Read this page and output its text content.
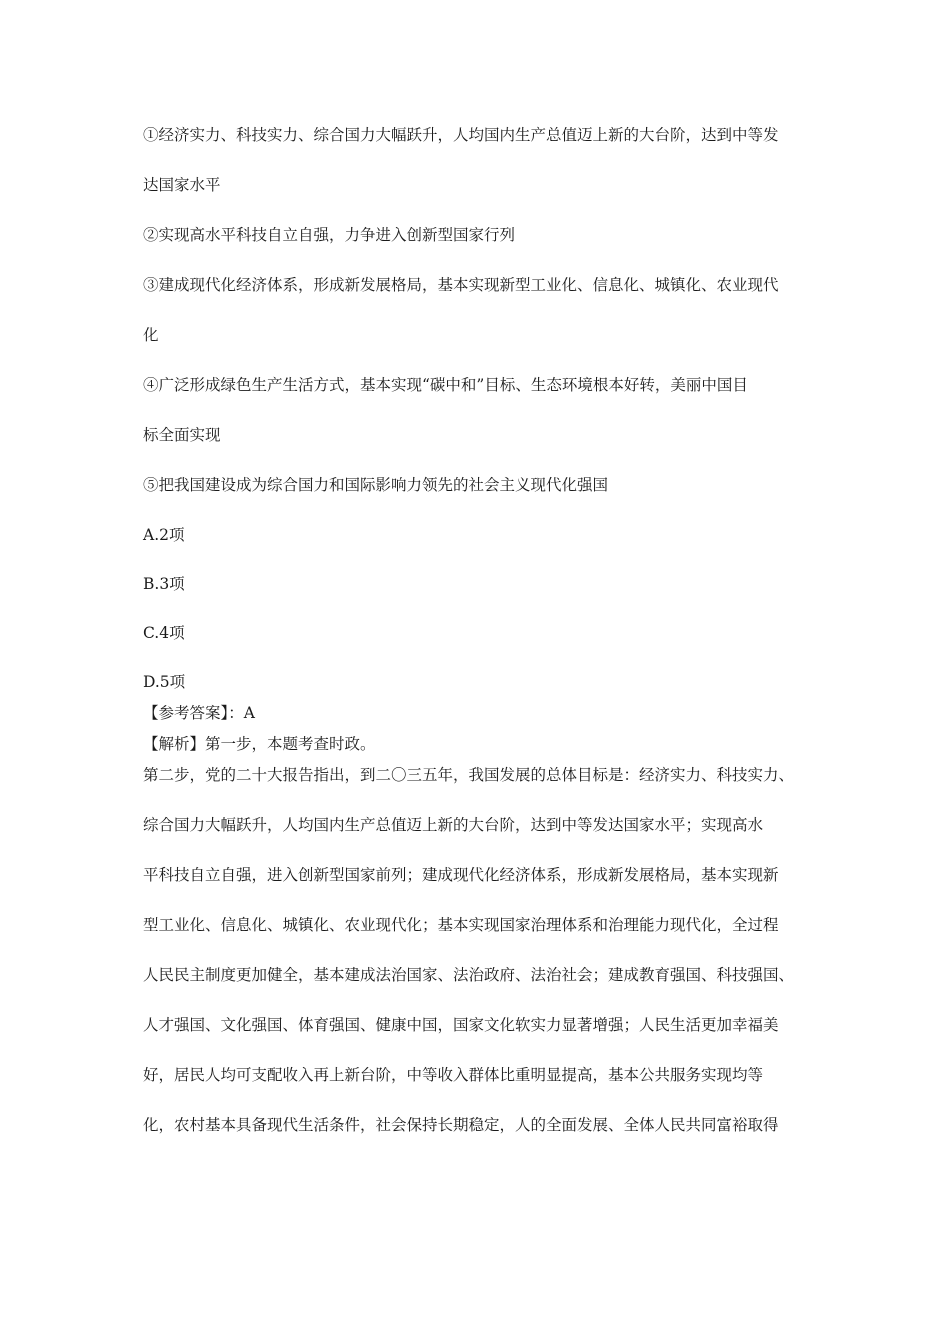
①经济实力、科技实力、综合国力大幅跃升，人均国内生产总值迈上新的大台阶，达到中等发

达国家水平

②实现高水平科技自立自强，力争进入创新型国家行列

③建成现代化经济体系，形成新发展格局，基本实现新型工业化、信息化、城镇化、农业现代

化

④广泛形成绿色生产生活方式，基本实现“碳中和”目标、生态环境根本好转，美丽中国目

标全面实现

⑤把我国建设成为综合国力和国际影响力领先的社会主义现代化强国

A.2项

B.3项

C.4项

D.5项

【参考答案】：A

【解析】第一步，本题考查时政。

第二步，党的二十大报告指出，到二〇三五年，我国发展的总体目标是：经济实力、科技实力、

综合国力大幅跃升，人均国内生产总值迈上新的大台阶，达到中等发达国家水平；实现高水

平科技自立自强，进入创新型国家前列；建成现代化经济体系，形成新发展格局，基本实现新

型工业化、信息化、城镇化、农业现代化；基本实现国家治理体系和治理能力现代化，全过程

人民民主制度更加健全，基本建成法治国家、法治政府、法治社会；建成教育强国、科技强国、

人才强国、文化强国、体育强国、健康中国，国家文化软实力显著增强；人民生活更加幸福美

好，居民人均可支配收入再上新台阶，中等收入群体比重明显提高，基本公共服务实现均等

化，农村基本具备现代生活条件，社会保持长期稳定，人的全面发展、全体人民共同富裕取得
